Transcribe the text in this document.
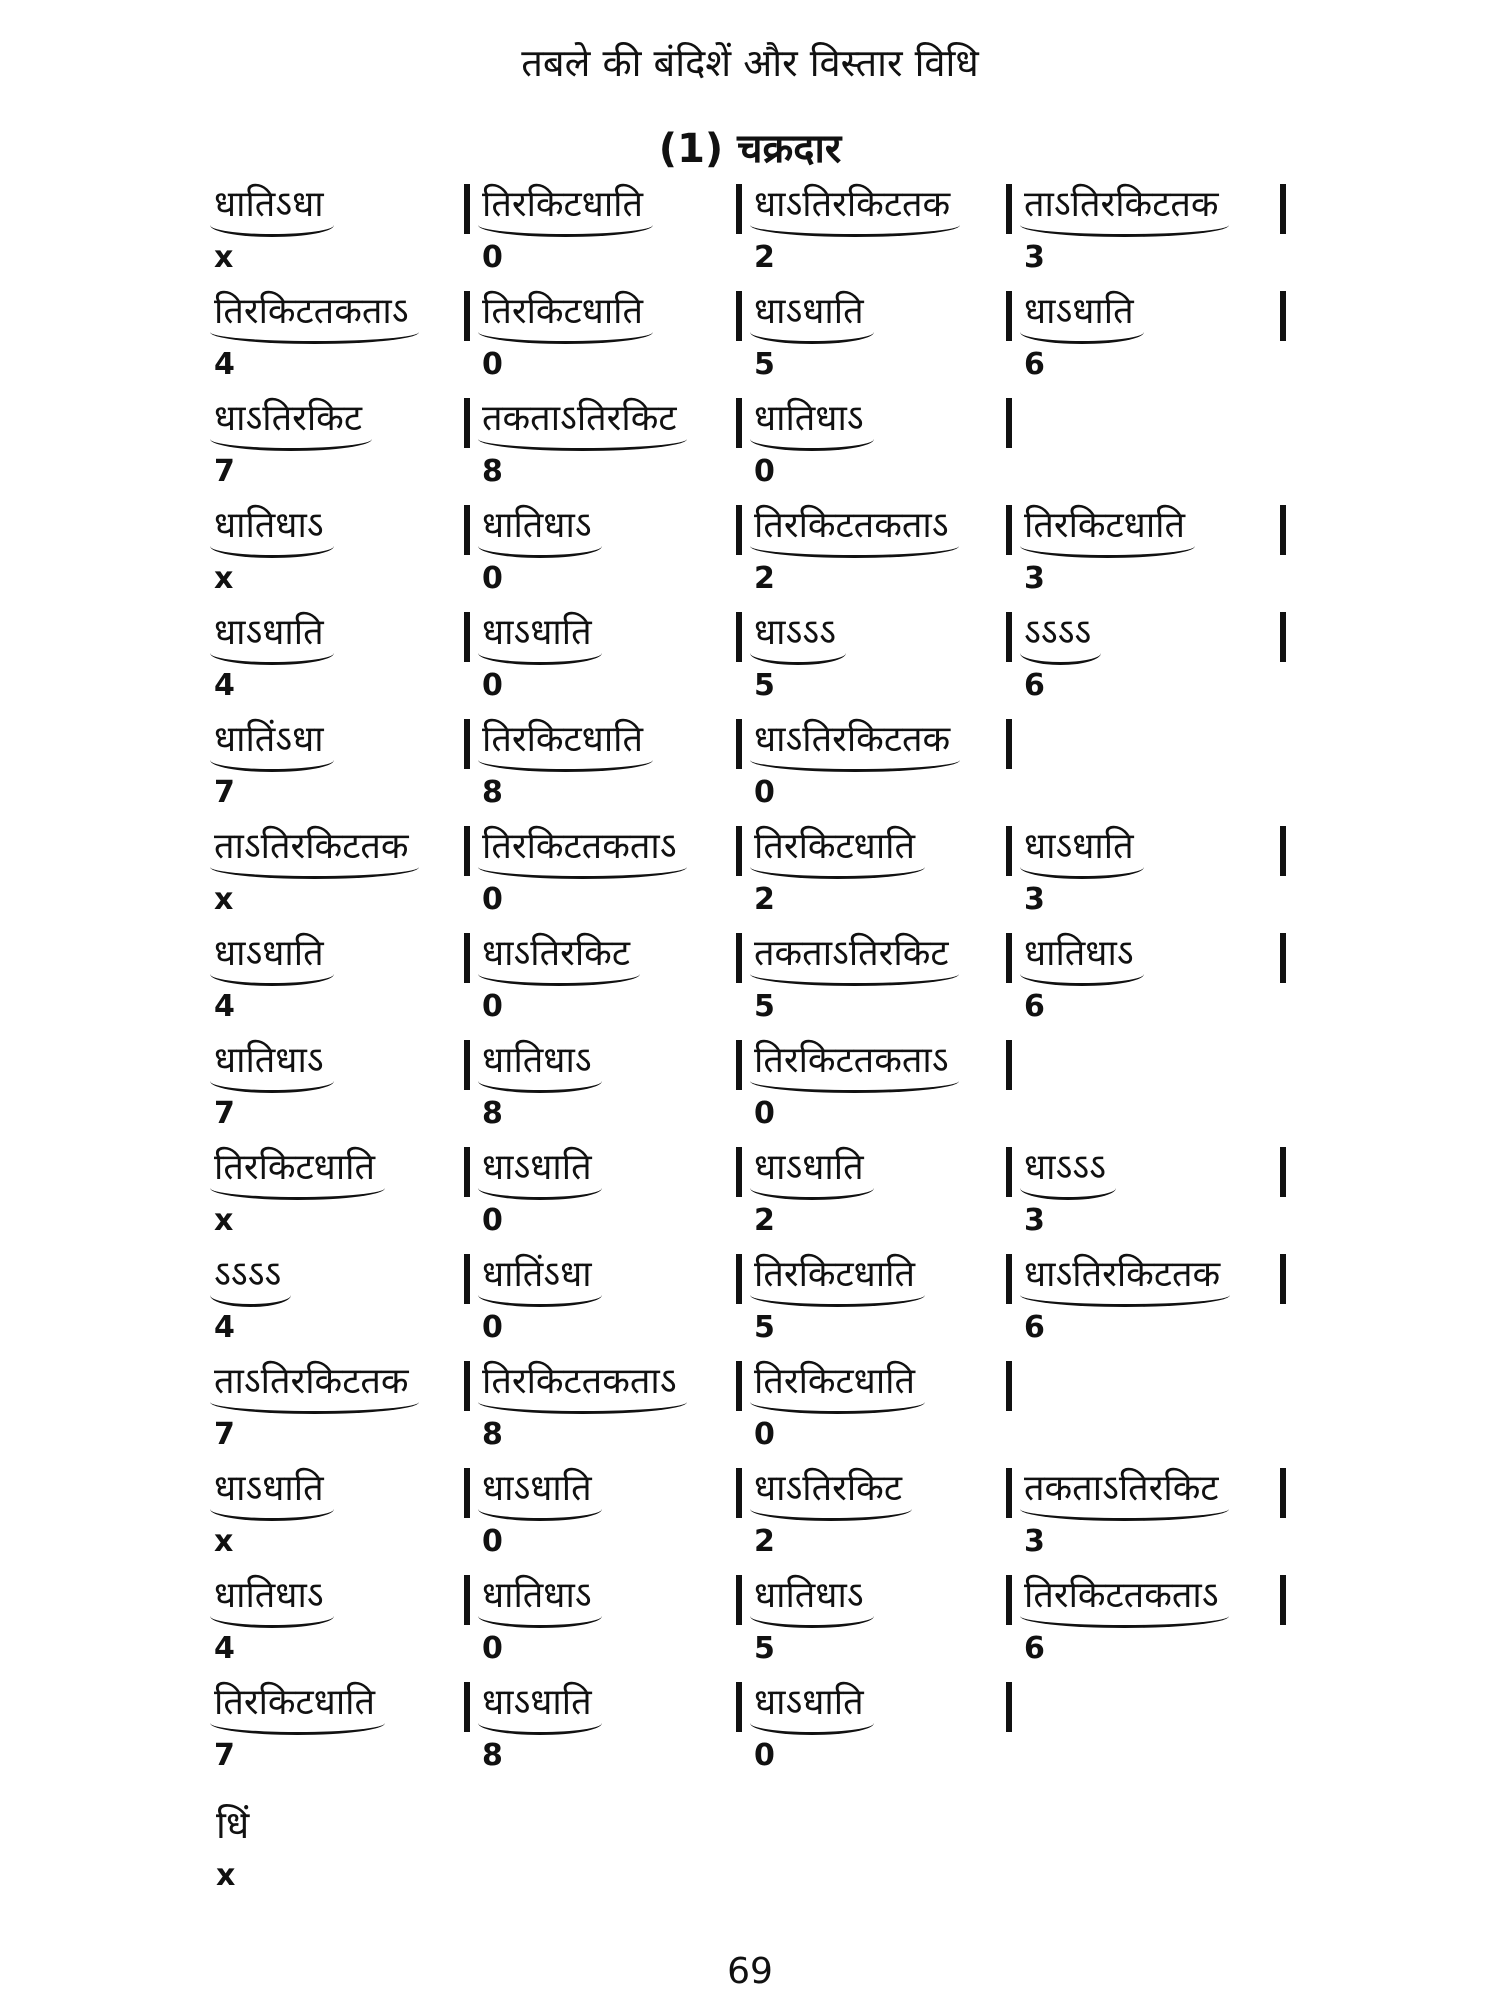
तबले की बंदिशें और विस्तार विधि
(1) चक्रदार
धातिऽधा
x
तिरकिटधाति
0
धाऽतिरकिटतक
2
ताऽतिरकिटतक
3
तिरकिटतकताऽ
4
तिरकिटधाति
0
धाऽधाति
5
धाऽधाति
6
धाऽतिरकिट
7
तकताऽतिरकिट
8
धातिधाऽ
0
धातिधाऽ
x
धातिधाऽ
0
तिरकिटतकताऽ
2
तिरकिटधाति
3
धाऽधाति
4
धाऽधाति
0
धाऽऽऽ
5
ऽऽऽऽ
6
धातिंऽधा
7
तिरकिटधाति
8
धाऽतिरकिटतक
0
ताऽतिरकिटतक
x
तिरकिटतकताऽ
0
तिरकिटधाति
2
धाऽधाति
3
धाऽधाति
4
धाऽतिरकिट
0
तकताऽतिरकिट
5
धातिधाऽ
6
धातिधाऽ
7
धातिधाऽ
8
तिरकिटतकताऽ
0
तिरकिटधाति
x
धाऽधाति
0
धाऽधाति
2
धाऽऽऽ
3
ऽऽऽऽ
4
धातिंऽधा
0
तिरकिटधाति
5
धाऽतिरकिटतक
6
ताऽतिरकिटतक
7
तिरकिटतकताऽ
8
तिरकिटधाति
0
धाऽधाति
x
धाऽधाति
0
धाऽतिरकिट
2
तकताऽतिरकिट
3
धातिधाऽ
4
धातिधाऽ
0
धातिधाऽ
5
तिरकिटतकताऽ
6
तिरकिटधाति
7
धाऽधाति
8
धाऽधाति
0
धिं
x
69
